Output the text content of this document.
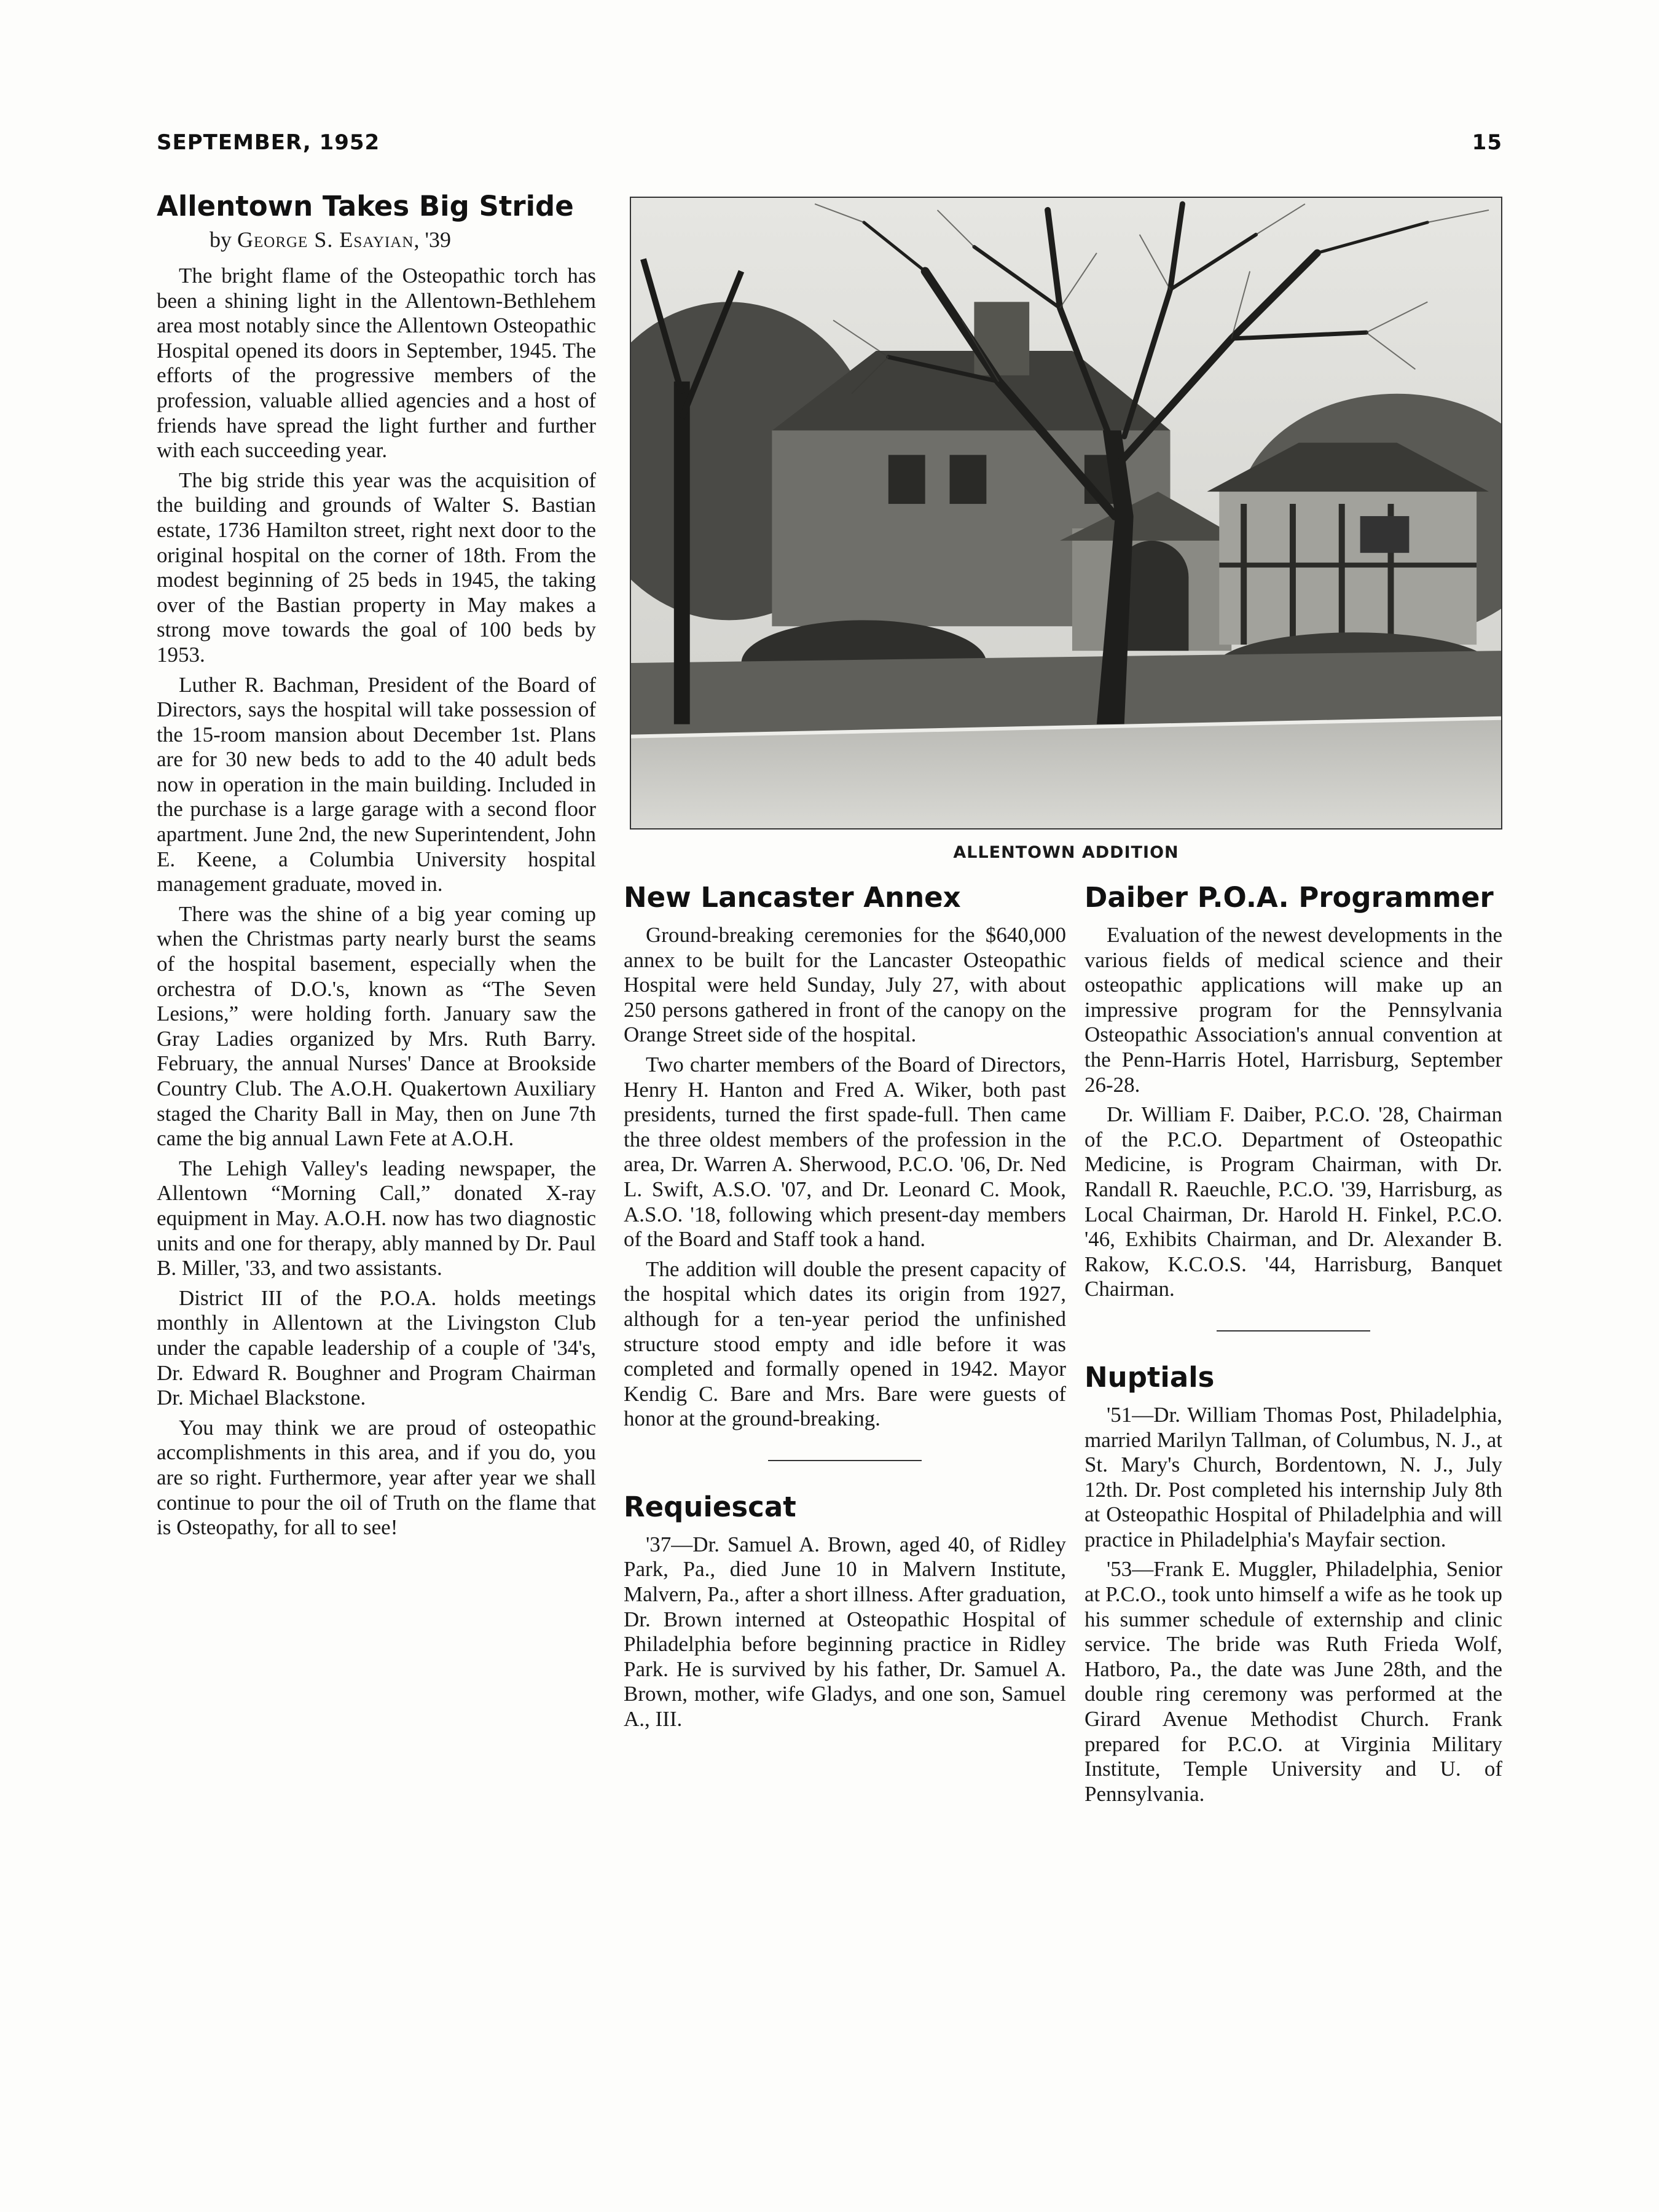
SEPTEMBER, 1952	15
Allentown Takes Big Stride
by George S. Esayian, '39

The bright flame of the Osteopathic torch has been a shining light in the Allentown-Bethlehem area most notably since the Allentown Osteopathic Hospital opened its doors in September, 1945. The efforts of the progressive members of the profession, valuable allied agencies and a host of friends have spread the light further and further with each succeeding year.

The big stride this year was the acquisition of the building and grounds of Walter S. Bastian estate, 1736 Hamilton street, right next door to the original hospital on the corner of 18th. From the modest beginning of 25 beds in 1945, the taking over of the Bastian property in May makes a strong move towards the goal of 100 beds by 1953.

Luther R. Bachman, President of the Board of Directors, says the hospital will take possession of the 15-room mansion about December 1st. Plans are for 30 new beds to add to the 40 adult beds now in operation in the main building. Included in the purchase is a large garage with a second floor apartment. June 2nd, the new Superintendent, John E. Keene, a Columbia University hospital management graduate, moved in.

There was the shine of a big year coming up when the Christmas party nearly burst the seams of the hospital basement, especially when the orchestra of D.O.'s, known as “The Seven Lesions,” were holding forth. January saw the Gray Ladies organized by Mrs. Ruth Barry. February, the annual Nurses' Dance at Brookside Country Club. The A.O.H. Quakertown Auxiliary staged the Charity Ball in May, then on June 7th came the big annual Lawn Fete at A.O.H.

The Lehigh Valley's leading newspaper, the Allentown “Morning Call,” donated X-ray equipment in May. A.O.H. now has two diagnostic units and one for therapy, ably manned by Dr. Paul B. Miller, '33, and two assistants.

District III of the P.O.A. holds meetings monthly in Allentown at the Livingston Club under the capable leadership of a couple of '34's, Dr. Edward R. Boughner and Program Chairman Dr. Michael Blackstone.

You may think we are proud of osteopathic accomplishments in this area, and if you do, you are so right. Furthermore, year after year we shall continue to pour the oil of Truth on the flame that is Osteopathy, for all to see!

ALLENTOWN ADDITION
New Lancaster Annex

Ground-breaking ceremonies for the $640,000 annex to be built for the Lancaster Osteopathic Hospital were held Sunday, July 27, with about 250 persons gathered in front of the canopy on the Orange Street side of the hospital.

Two charter members of the Board of Directors, Henry H. Hanton and Fred A. Wiker, both past presidents, turned the first spade-full. Then came the three oldest members of the profession in the area, Dr. Warren A. Sherwood, P.C.O. '06, Dr. Ned L. Swift, A.S.O. '07, and Dr. Leonard C. Mook, A.S.O. '18, following which present-day members of the Board and Staff took a hand.

The addition will double the present capacity of the hospital which dates its origin from 1927, although for a ten-year period the unfinished structure stood empty and idle before it was completed and formally opened in 1942. Mayor Kendig C. Bare and Mrs. Bare were guests of honor at the ground-breaking.

Requiescat

'37—Dr. Samuel A. Brown, aged 40, of Ridley Park, Pa., died June 10 in Malvern Institute, Malvern, Pa., after a short illness. After graduation, Dr. Brown interned at Osteopathic Hospital of Philadelphia before beginning practice in Ridley Park. He is survived by his father, Dr. Samuel A. Brown, mother, wife Gladys, and one son, Samuel A., III.

Daiber P.O.A. Programmer

Evaluation of the newest developments in the various fields of medical science and their osteopathic applications will make up an impressive program for the Pennsylvania Osteopathic Association's annual convention at the Penn-Harris Hotel, Harrisburg, September 26-28.

Dr. William F. Daiber, P.C.O. '28, Chairman of the P.C.O. Department of Osteopathic Medicine, is Program Chairman, with Dr. Randall R. Raeuchle, P.C.O. '39, Harrisburg, as Local Chairman, Dr. Harold H. Finkel, P.C.O. '46, Exhibits Chairman, and Dr. Alexander B. Rakow, K.C.O.S. '44, Harrisburg, Banquet Chairman.

Nuptials

'51—Dr. William Thomas Post, Philadelphia, married Marilyn Tallman, of Columbus, N. J., at St. Mary's Church, Bordentown, N. J., July 12th. Dr. Post completed his internship July 8th at Osteopathic Hospital of Philadelphia and will practice in Philadelphia's Mayfair section.

'53—Frank E. Muggler, Philadelphia, Senior at P.C.O., took unto himself a wife as he took up his summer schedule of externship and clinic service. The bride was Ruth Frieda Wolf, Hatboro, Pa., the date was June 28th, and the double ring ceremony was performed at the Girard Avenue Methodist Church. Frank prepared for P.C.O. at Virginia Military Institute, Temple University and U. of Pennsylvania.
